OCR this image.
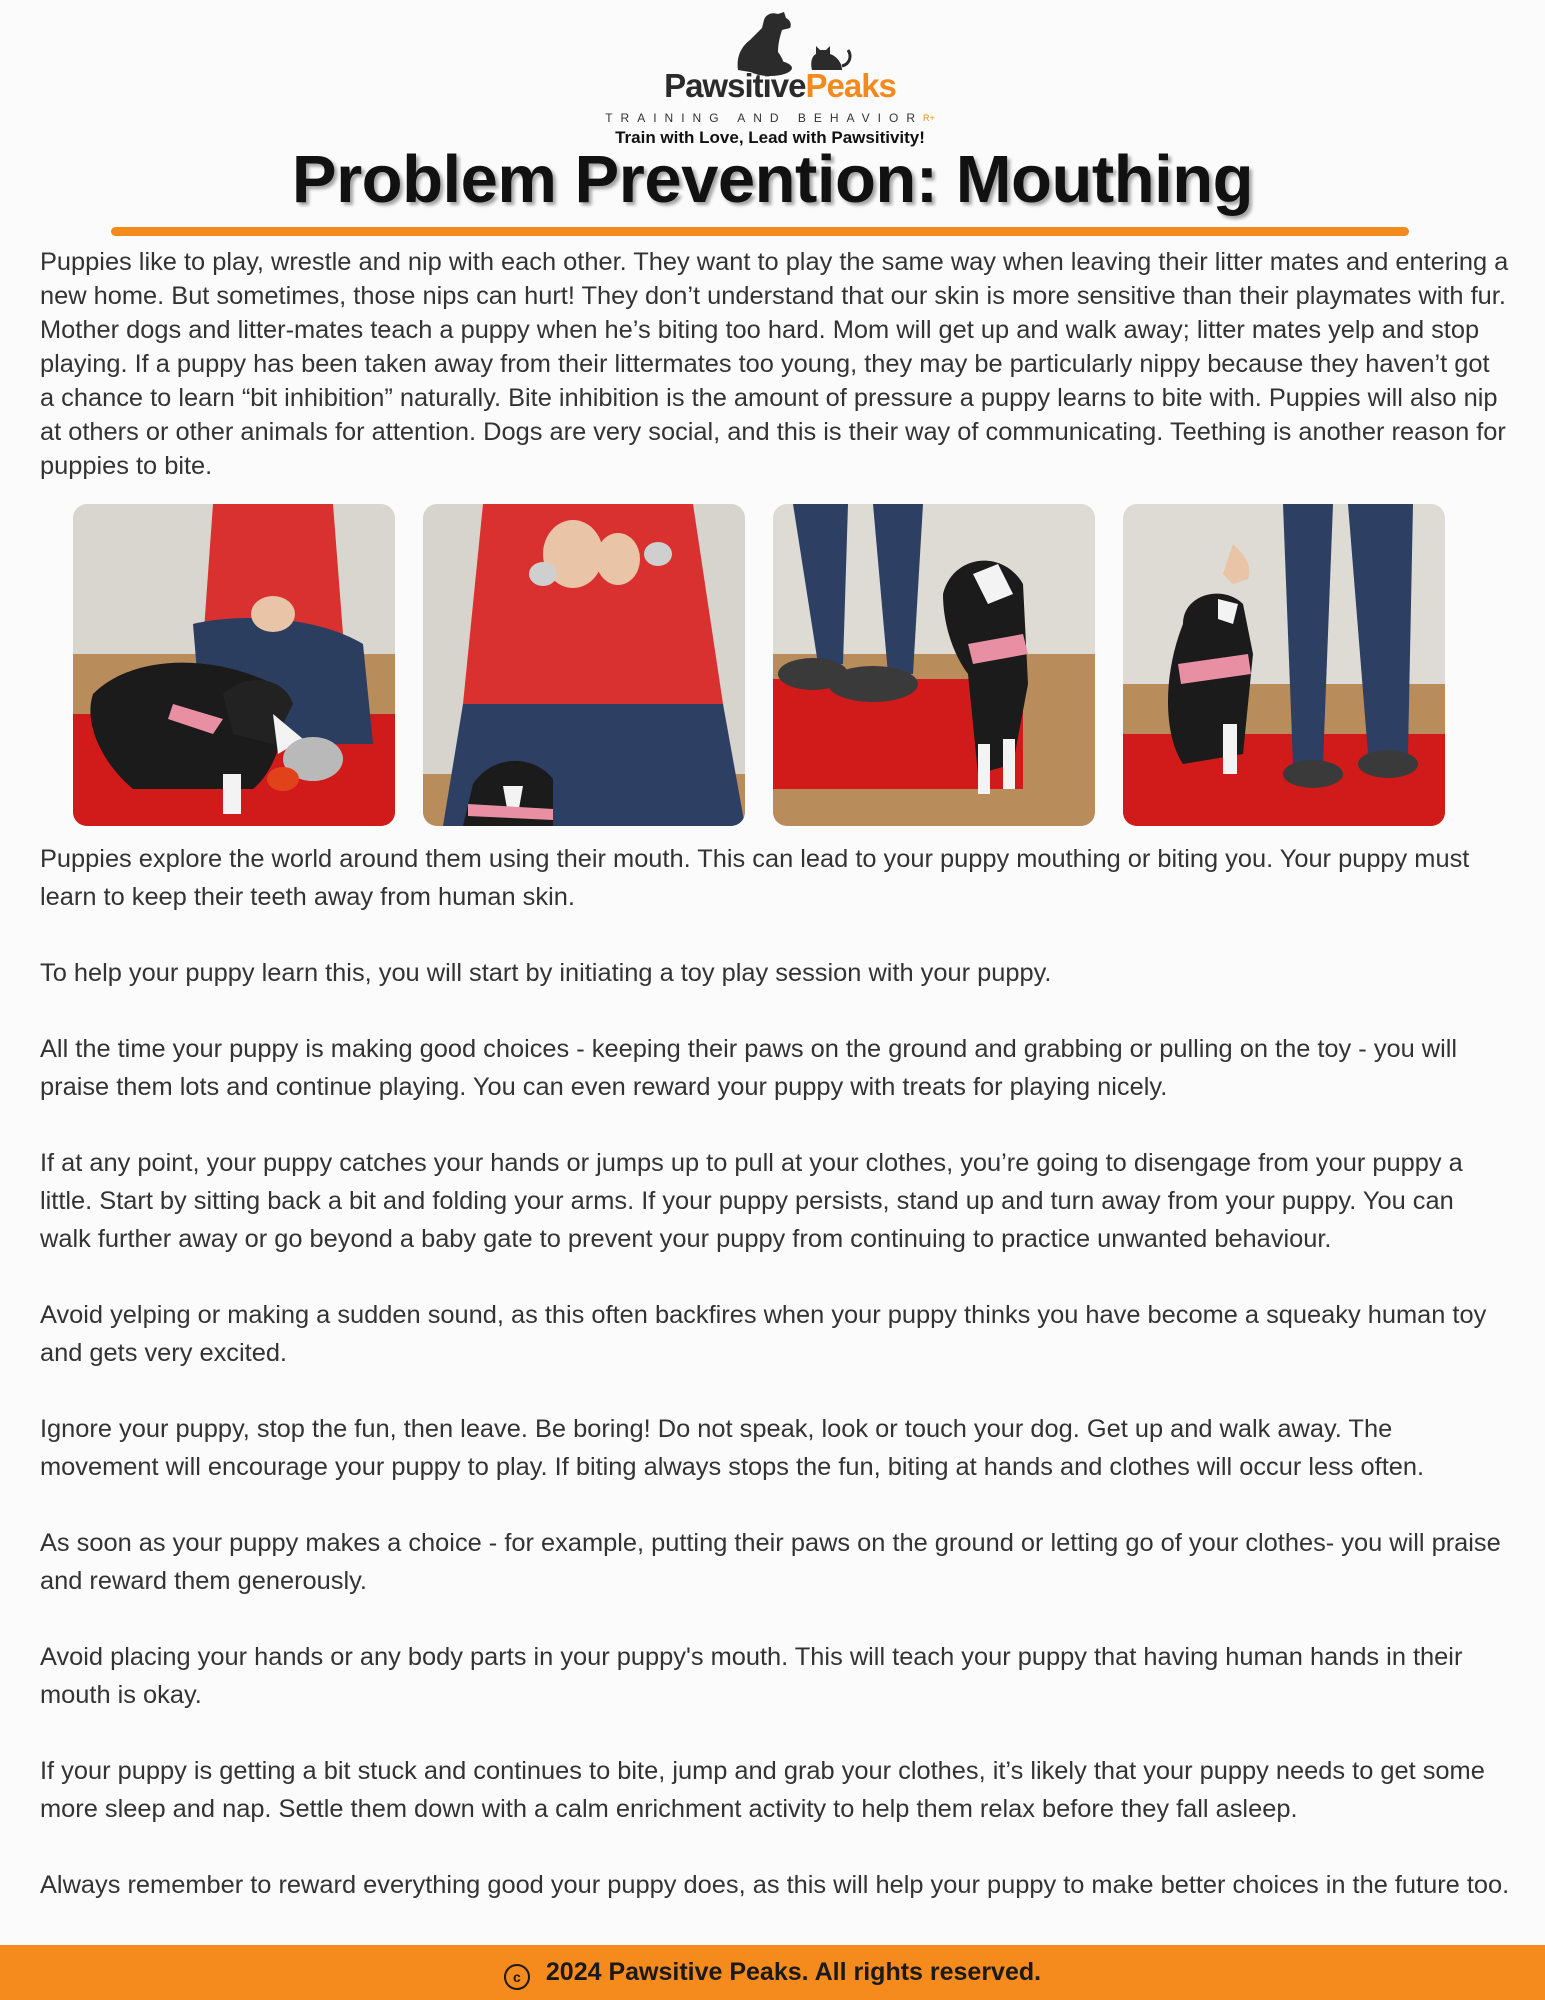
PawsitivePeaks
TRAINING AND $BEHAVIOR^{R+}$
Train with Love, Lead with Pawsitivity!
Problem Prevention: Mouthing

Puppies like to play, wrestle and nip with each other. They want to play the same way when leaving their litter mates and entering a new home. But sometimes, those nips can hurt! They don’t understand that our skin is more sensitive than their playmates with fur. Mother dogs and litter-mates teach a puppy when he’s biting too hard. Mom will get up and walk away; litter mates yelp and stop playing. If a puppy has been taken away from their littermates too young, they may be particularly nippy because they haven’t got a chance to learn “bit inhibition” naturally. Bite inhibition is the amount of pressure a puppy learns to bite with. Puppies will also nip at others or other animals for attention. Dogs are very social, and this is their way of communicating. Teething is another reason for puppies to bite.

Puppies explore the world around them using their mouth. This can lead to your puppy mouthing or biting you. Your puppy must learn to keep their teeth away from human skin.

To help your puppy learn this, you will start by initiating a toy play session with your puppy.

All the time your puppy is making good choices - keeping their paws on the ground and grabbing or pulling on the toy - you will praise them lots and continue playing. You can even reward your puppy with treats for playing nicely.

If at any point, your puppy catches your hands or jumps up to pull at your clothes, you’re going to disengage from your puppy a little. Start by sitting back a bit and folding your arms. If your puppy persists, stand up and turn away from your puppy. You can walk further away or go beyond a baby gate to prevent your puppy from continuing to practice unwanted behaviour.

Avoid yelping or making a sudden sound, as this often backfires when your puppy thinks you have become a squeaky human toy and gets very excited.

Ignore your puppy, stop the fun, then leave. Be boring! Do not speak, look or touch your dog. Get up and walk away. The movement will encourage your puppy to play. If biting always stops the fun, biting at hands and clothes will occur less often.

As soon as your puppy makes a choice - for example, putting their paws on the ground or letting go of your clothes- you will praise and reward them generously.

Avoid placing your hands or any body parts in your puppy's mouth. This will teach your puppy that having human hands in their mouth is okay.

If your puppy is getting a bit stuck and continues to bite, jump and grab your clothes, it’s likely that your puppy needs to get some more sleep and nap. Settle them down with a calm enrichment activity to help them relax before they fall asleep.

Always remember to reward everything good your puppy does, as this will help your puppy to make better choices in the future too.

c	2024 Pawsitive Peaks. All rights reserved.
